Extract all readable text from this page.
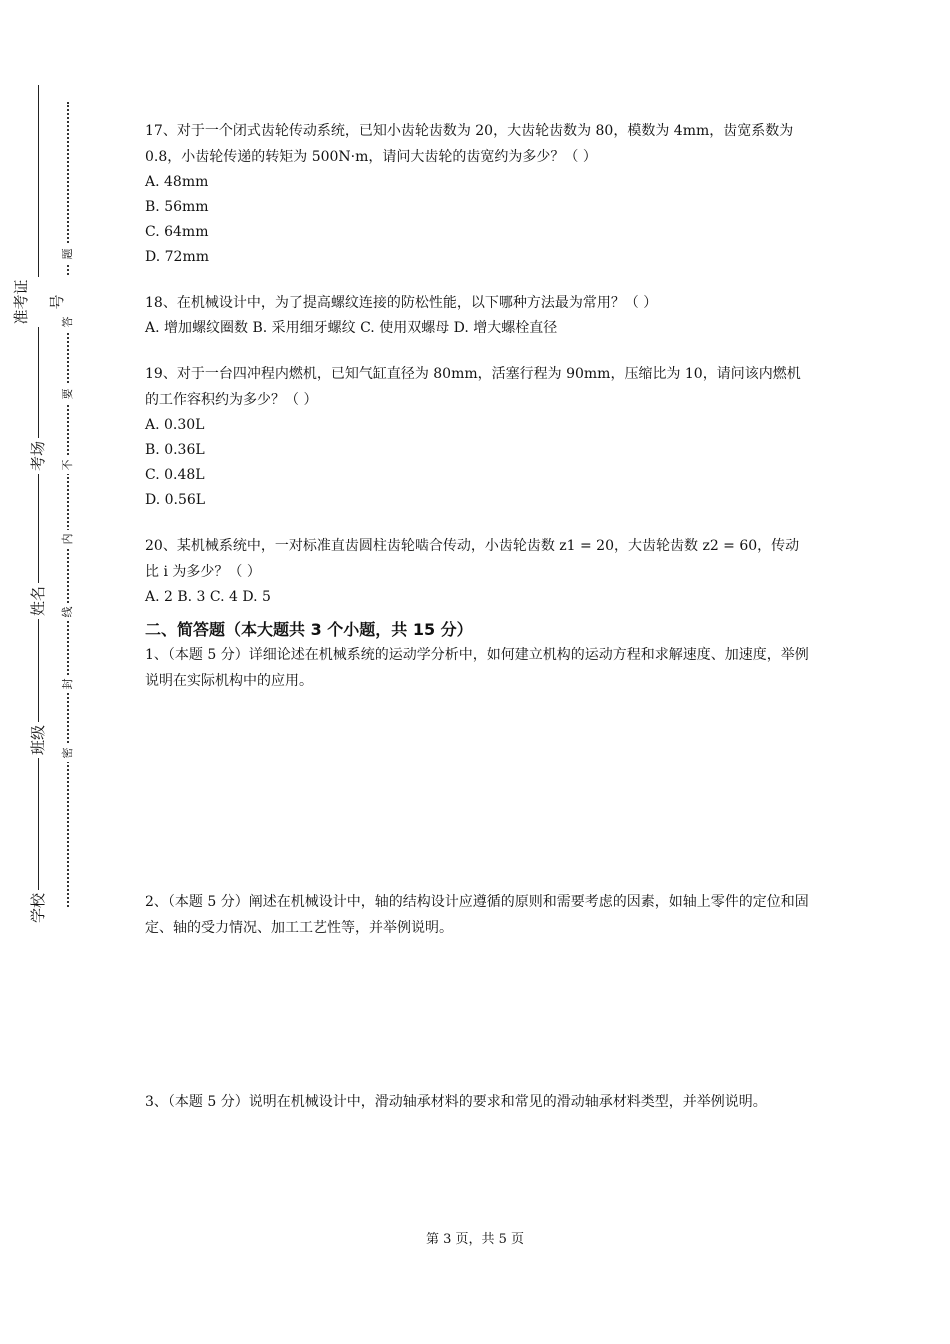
准考证号
考场
姓名
班级
学校
题
答
要
不
内
线
封
密

17、对于一个闭式齿轮传动系统，已知小齿轮齿数为 20，大齿轮齿数为 80，模数为 4mm，齿宽系数为 0.8，小齿轮传递的转矩为 500N·m，请问大齿轮的齿宽约为多少？（ ）

A. 48mm

B. 56mm

C. 64mm

D. 72mm

18、在机械设计中，为了提高螺纹连接的防松性能，以下哪种方法最为常用？（ ）

A. 增加螺纹圈数 B. 采用细牙螺纹 C. 使用双螺母 D. 增大螺栓直径

19、对于一台四冲程内燃机，已知气缸直径为 80mm，活塞行程为 90mm，压缩比为 10，请问该内燃机的工作容积约为多少？（ ）

A. 0.30L

B. 0.36L

C. 0.48L

D. 0.56L

20、某机械系统中，一对标准直齿圆柱齿轮啮合传动，小齿轮齿数 z1 = 20，大齿轮齿数 z2 = 60，传动比 i 为多少？（ ）

A. 2 B. 3 C. 4 D. 5

二、简答题（本大题共 3 个小题，共 15 分）

1、（本题 5 分）详细论述在机械系统的运动学分析中，如何建立机构的运动方程和求解速度、加速度，举例说明在实际机构中的应用。

2、（本题 5 分）阐述在机械设计中，轴的结构设计应遵循的原则和需要考虑的因素，如轴上零件的定位和固定、轴的受力情况、加工工艺性等，并举例说明。

3、（本题 5 分）说明在机械设计中，滑动轴承材料的要求和常见的滑动轴承材料类型，并举例说明。

第 3 页，共 5 页
